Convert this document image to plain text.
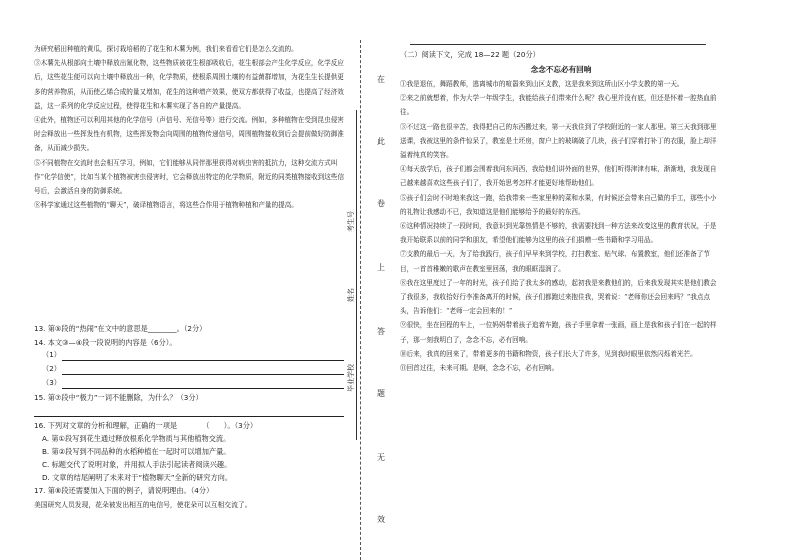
为研究稻田种植的黄瓜，探讨栽培稻的了花生和木薯为例，我们来看看它们是怎么交流的。

③木薯先从根部向土壤中释放出氰化物，这些物质被花生根部吸收后，花生根部会产生化学反应，化学反应后，这些花生便可以向土壤中释放出一种，化学物质，使根系周围土壤的有益菌群增加，为花生生长提供更多的营养物质，从而使乙烯合成的量又增加，花生的这种增产效果，使双方都获得了收益，也提高了经济效益，这一系列的化学反应过程，使得花生和木薯实现了各自的产量提高。

④此外，植物还可以利用其他的化学信号（声信号、光信号等）进行交流。例如，多种植物在受到昆虫侵害时会释放出一些挥发性有机物，这些挥发物会向周围的植物传递信号，周围植物接收到后会提前做好防御准备，从而减少损失。

⑤不同植物在交流时也会相互学习，例如，它们能够从同伴那里获得对病虫害的抵抗力，这种交流方式叫作“化学信使”，比如当某个植物被害虫侵害时，它会释放出特定的化学物质，附近的同类植物接收到这些信号后，会激活自身的防御系统。

⑧科学家通过这些植物的“聊天”，破译植物语言，将这些合作用于植物种植和产量的提高。

13. 第⑤段的“热闹”在文中的意思是________。（2分）

14. 本文③—④段一段说明的内容是（6分）。

（1）
（2）
（3）

15. 第⑦段中“极力”一词不能删除，为什么？（3分）

16. 下列对文章的分析和理解，正确的一项是　　　　（　　）。（3分）

A. 第①段写到花生通过释放根系化学物质与其他植物交流。

B. 第②段写到不同品种的水稻种植在一起时可以增加产量。

C. 标题交代了说明对象，并用拟人手法引起读者阅读兴趣。

D. 文章的结尾阐明了未来对于“植物聊天”全新的研究方向。

17. 第⑧段还需要加入下面的例子，请说明理由。（4分）

美国研究人员发现，花朵被发出相互的电信号，使花朵可以互相交流了。

考生号
姓名
毕业学校
在
此
卷
上
答
题
无
效

（二）阅读下文，完成 18—22 题（20分）

念念不忘必有回响

①我是退伍，舞蹈教师，逃离城市的喧嚣来到山区支教，这是我来到这所山区小学支教的第一天。

②来之前就想着，作为大学一年级学生，我能给孩子们带来什么呢？我心里并没有底，但还是怀着一腔热血前往。

③不过这一路也很辛苦，我得把自己的东西搬过来，第一天我住到了学校附近的一家人那里。第三天我到那里送课，我被这里的条件惊呆了，教室是土坯房，窗户上的玻璃破了几块，孩子们穿着打补丁的衣服，脸上却洋溢着纯真的笑容。

④每天放学后，孩子们都会围着我问东问西，我给他们讲外面的世界，他们听得津津有味，渐渐地，我发现自己越来越喜欢这些孩子们了，我开始思考怎样才能更好地帮助他们。

⑤孩子们会时不时地来我这一跑，给我带来一些家里种的菜和水果，有时候还会带来自己做的手工，那些小小的礼物让我感动不已，我知道这是他们能够给予的最好的东西。

⑥这种情况持续了一段时间，我意识到光靠热情是不够的，我需要找到一种方法来改变这里的教育状况，于是我开始联系以前的同学和朋友，希望他们能够为这里的孩子们捐赠一些书籍和学习用品。

⑦支教的最后一天，为了给我践行，孩子们早早来到学校，打扫教室、贴气球、布置教室，他们还准备了节目，一首首稚嫩的歌声在教室里回荡，我的眼眶湿润了。

⑧我在这里度过了一年的时光，孩子们给了我太多的感动，起初我是来教他们的，后来我发现其实是他们教会了我很多，我收拾好行李准备离开的时候，孩子们都跑过来抱住我，哭着说：“老师你还会回来吗？”我点点头，告诉他们：“老师一定会回来的！”

⑨很快，坐在回程的车上，一位妈妈带着孩子追着车跑，孩子手里拿着一张画，画上是我和孩子们在一起的样子，那一刻我明白了，念念不忘，必有回响。

⑩后来，我真的回来了，带着更多的书籍和物资，孩子们长大了许多，见到我时眼里依然闪烁着光芒。

⑪回首过往，未来可期。是啊，念念不忘，必有回响。
